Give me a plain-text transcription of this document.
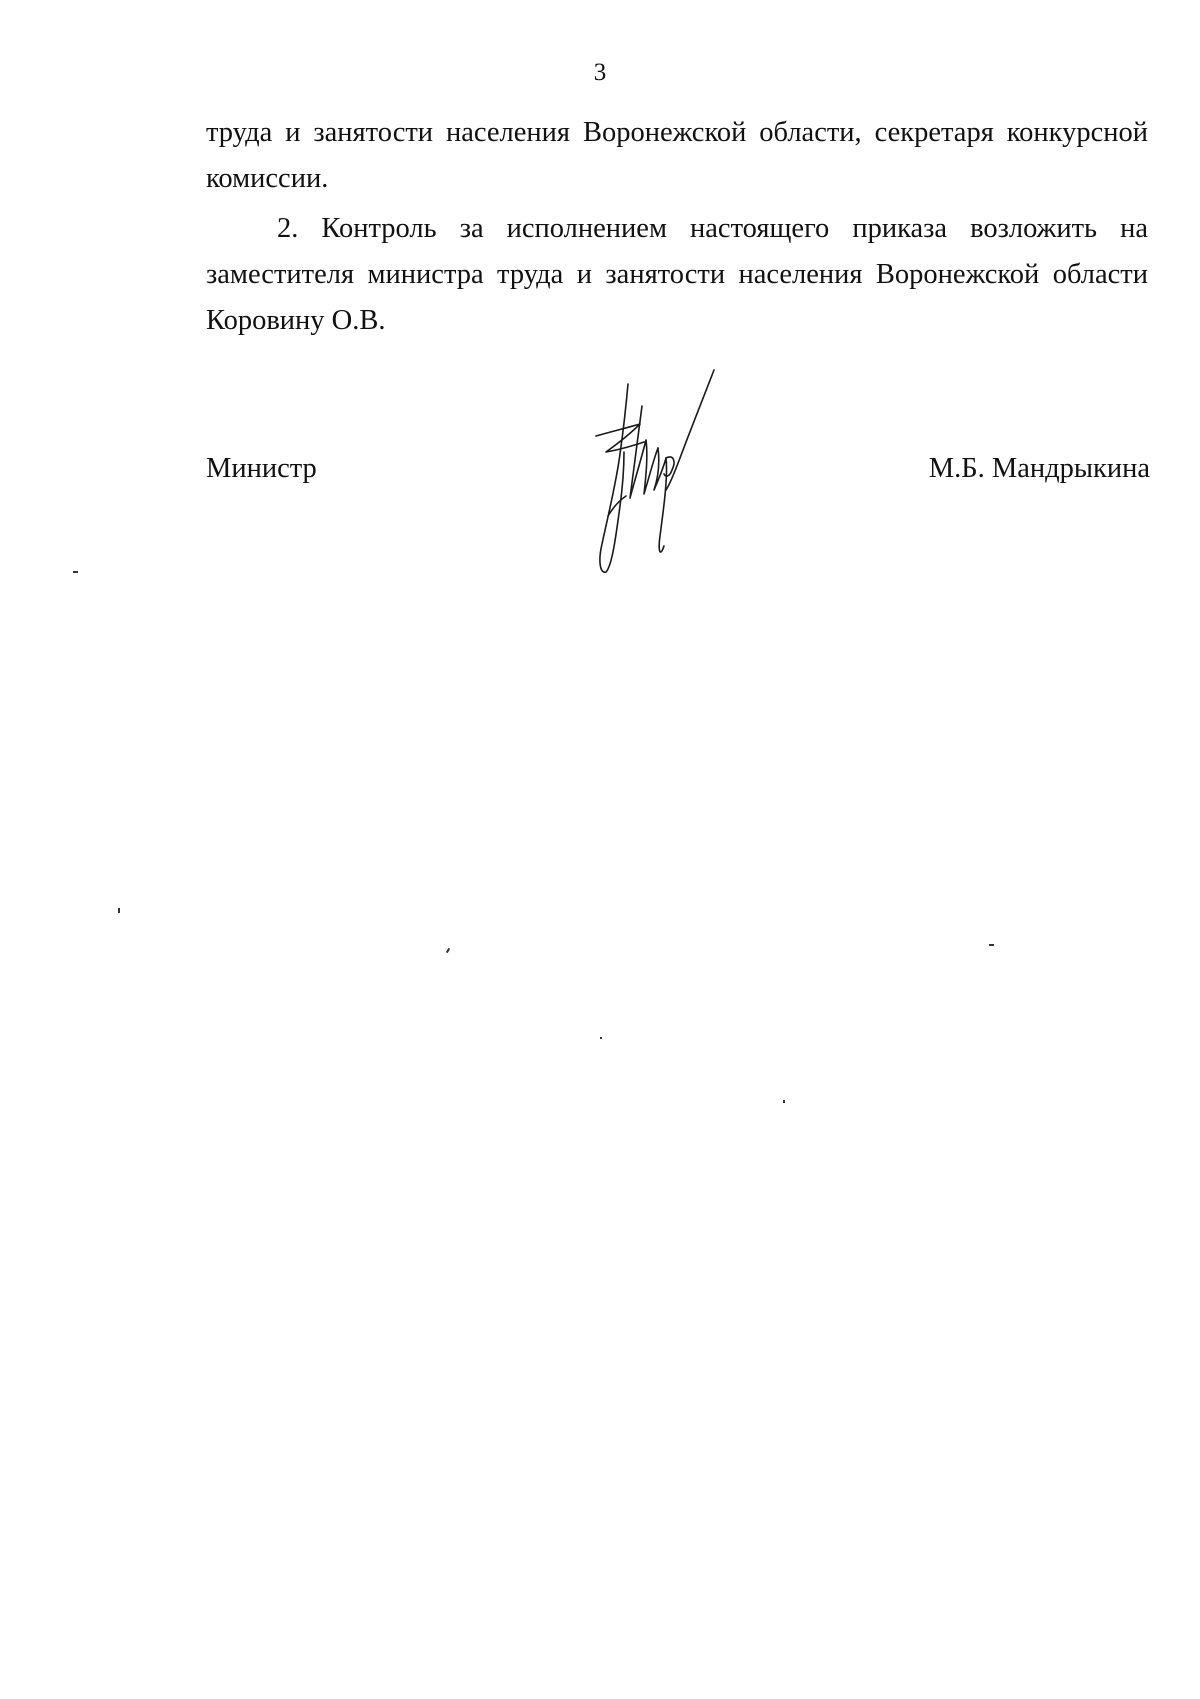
3
труда и занятости населения Воронежской области, секретаря конкурсной
комиссии.
2. Контроль за исполнением настоящего приказа возложить на
заместителя министра труда и занятости населения Воронежской области
Коровину О.В.
Министр	М.Б. Мандрыкина
